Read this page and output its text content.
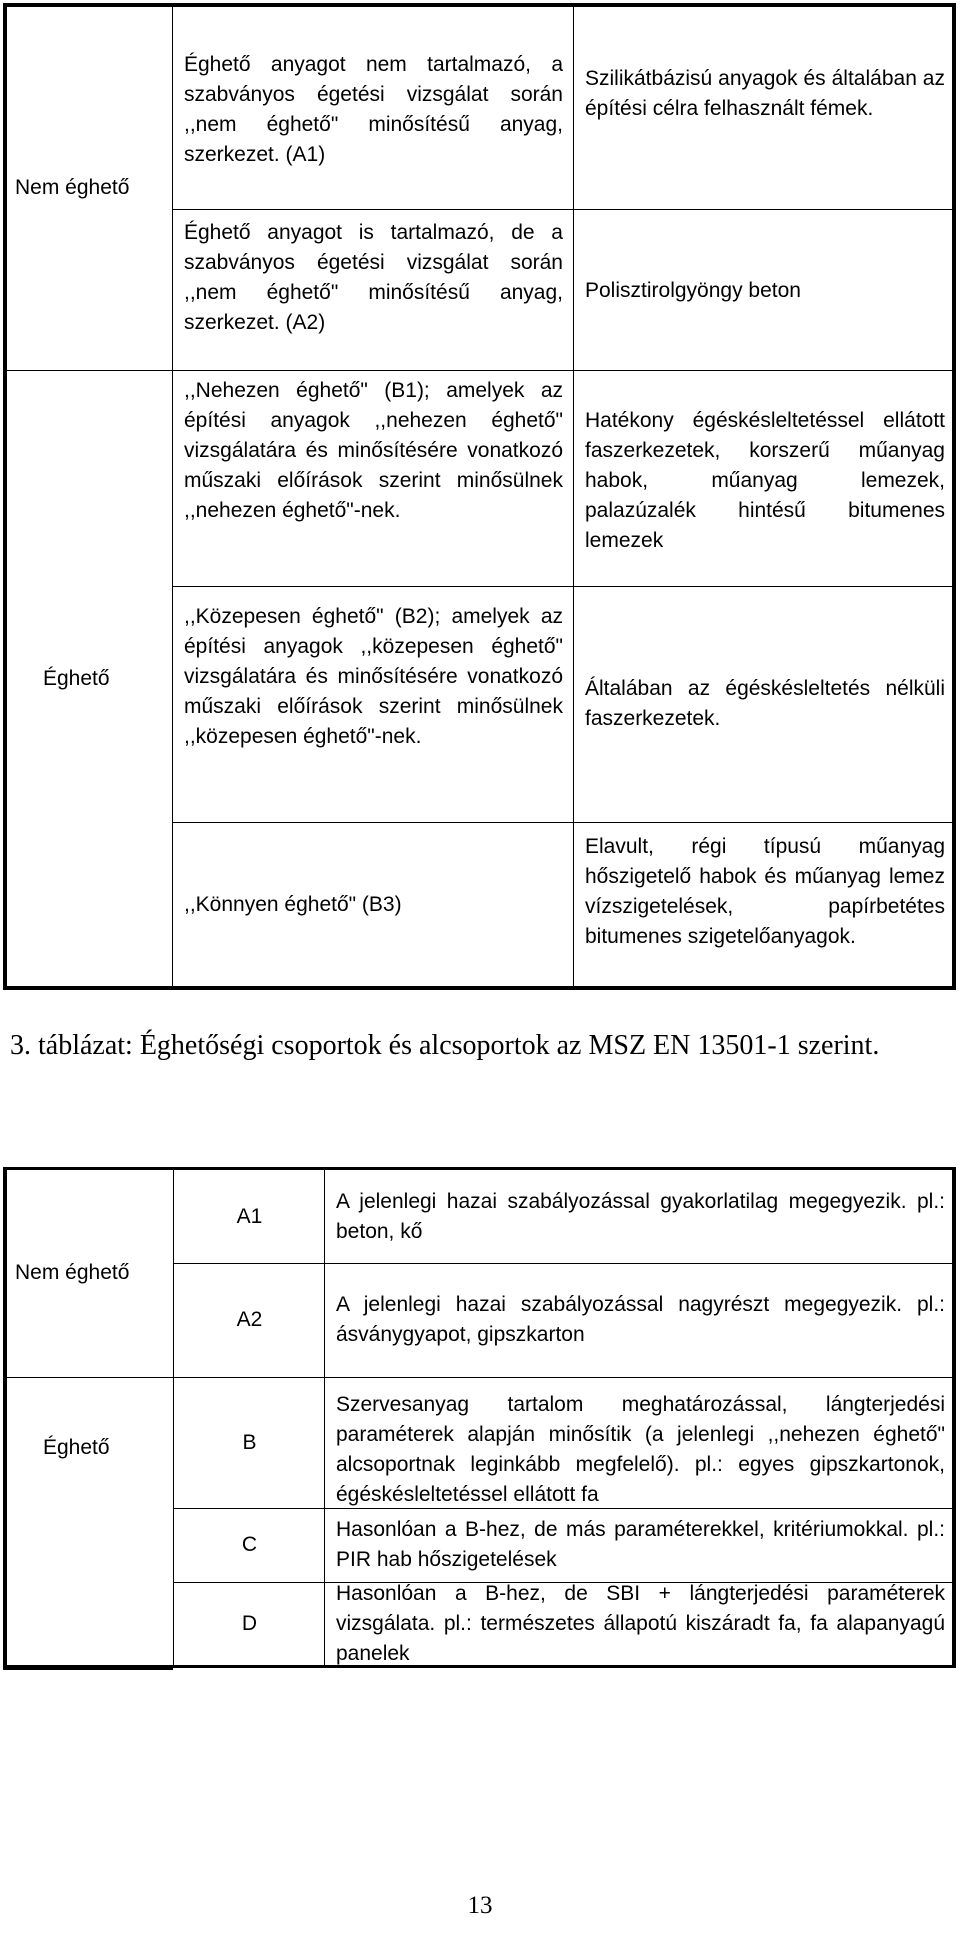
Nem éghető
Éghető
Éghető anyagot nem tartalmazó, a szabványos égetési vizsgálat során ,,nem éghető" minősítésű anyag, szerkezet. (A1)
Szilikátbázisú anyagok és általában az építési célra felhasznált fémek.
Éghető anyagot is tartalmazó, de a szabványos égetési vizsgálat során ,,nem éghető" minősítésű anyag, szerkezet. (A2)
Polisztirolgyöngy beton
,,Nehezen éghető" (B1); amelyek az építési anyagok ,,nehezen éghető" vizsgálatára és minősítésére vonatkozó műszaki előírások szerint minősülnek ,,nehezen éghető"-nek.
Hatékony égéskésleltetéssel ellátott faszerkezetek, korszerű műanyag habok, műanyag lemezek, palazúzalék hintésű bitumenes lemezek
,,Közepesen éghető" (B2); amelyek az építési anyagok ,,közepesen éghető" vizsgálatára és minősítésére vonatkozó műszaki előírások szerint minősülnek ,,közepesen éghető"-nek.
Általában az égéskésleltetés nélküli faszerkezetek.
,,Könnyen éghető" (B3)
Elavult, régi típusú műanyag hőszigetelő habok és műanyag lemez vízszigetelések, papírbetétes bitumenes szigetelőanyagok.
3. táblázat: Éghetőségi csoportok és alcsoportok az MSZ EN 13501-1 szerint.
Nem éghető
Éghető
A1
A jelenlegi hazai szabályozással gyakorlatilag megegyezik. pl.: beton, kő
A2
A jelenlegi hazai szabályozással nagyrészt megegyezik. pl.: ásványgyapot, gipszkarton
B
Szervesanyag tartalom meghatározással, lángterjedési paraméterek alapján minősítik (a jelenlegi ,,nehezen éghető" alcsoportnak leginkább megfelelő). pl.: egyes gipszkartonok, égéskésleltetéssel ellátott fa
C
Hasonlóan a B-hez, de más paraméterekkel, kritériumokkal. pl.: PIR hab hőszigetelések
D
Hasonlóan a B-hez, de SBI + lángterjedési paraméterek vizsgálata. pl.: természetes állapotú kiszáradt fa, fa alapanyagú panelek
13
